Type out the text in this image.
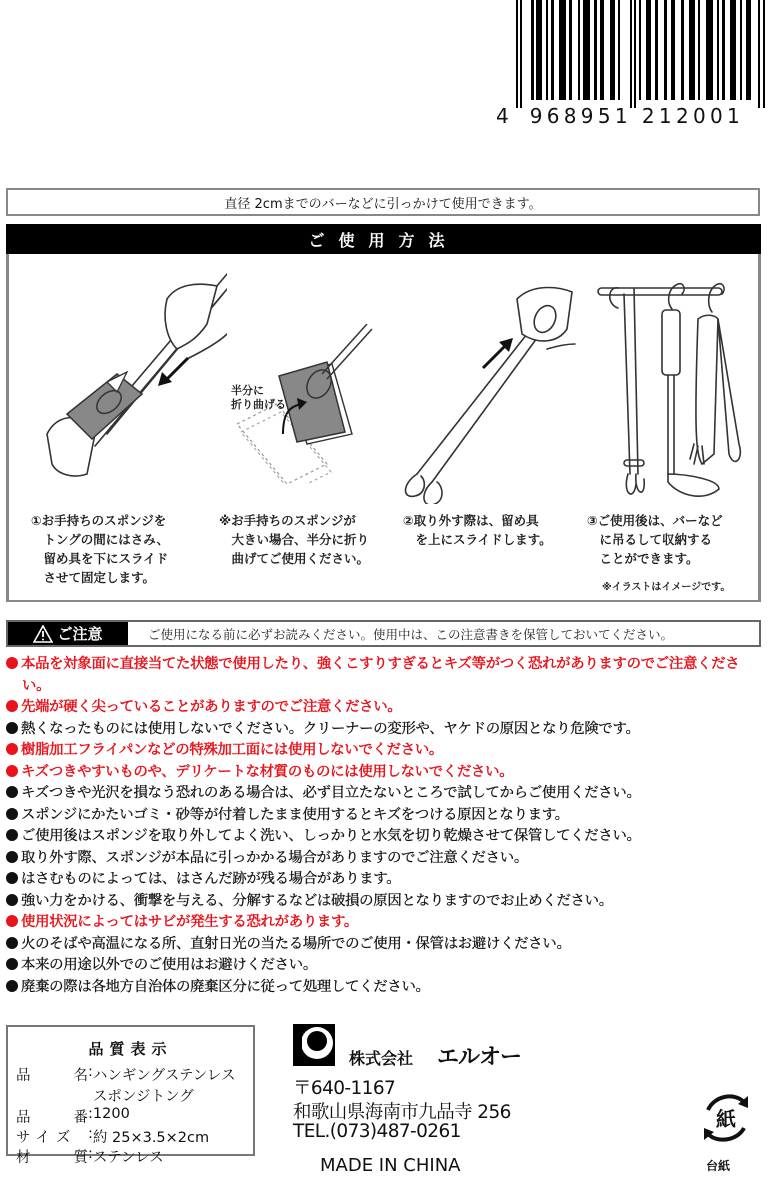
4 968951 212001
直径 2cmまでのバーなどに引っかけて使用できます。
ご使用方法
半分に
折り曲げる
①お手持ちのスポンジを
　トングの間にはさみ、
　留め具を下にスライド
　させて固定します。
※お手持ちのスポンジが
　大きい場合、半分に折り
　曲げてご使用ください。
②取り外す際は、留め具
　を上にスライドします。
③ご使用後は、バーなど
　に吊るして収納する
　ことができます。
※イラストはイメージです。
ご注意	ご使用になる前に必ずお読みください。使用中は、この注意書きを保管しておいてください。
本品を対象面に直接当てた状態で使用したり、強くこすりすぎるとキズ等がつく恐れがありますのでご注意ください。
先端が硬く尖っていることがありますのでご注意ください。
熱くなったものには使用しないでください。クリーナーの変形や、ヤケドの原因となり危険です。
樹脂加工フライパンなどの特殊加工面には使用しないでください。
キズつきやすいものや、デリケートな材質のものには使用しないでください。
キズつきや光沢を損なう恐れのある場合は、必ず目立たないところで試してからご使用ください。
スポンジにかたいゴミ・砂等が付着したまま使用するとキズをつける原因となります。
ご使用後はスポンジを取り外してよく洗い、しっかりと水気を切り乾燥させて保管してください。
取り外す際、スポンジが本品に引っかかる場合がありますのでご注意ください。
はさむものによっては、はさんだ跡が残る場合があります。
強い力をかける、衝撃を与える、分解するなどは破損の原因となりますのでお止めください。
使用状況によってはサビが発生する恐れがあります。
火のそばや高温になる所、直射日光の当たる場所でのご使用・保管はお避けください。
本来の用途以外でのご使用はお避けください。
廃棄の際は各地方自治体の廃棄区分に従って処理してください。
品質表示
品	名 : ハンギングステンレス
スポンジトング
品	番 : 1200
サイズ : 約 25×3.5×2cm
材	質 : ステンレス
株式会社 エルオー
〒640-1167
和歌山県海南市九品寺 256
TEL.(073)487-0261
MADE IN CHINA
紙
台紙
